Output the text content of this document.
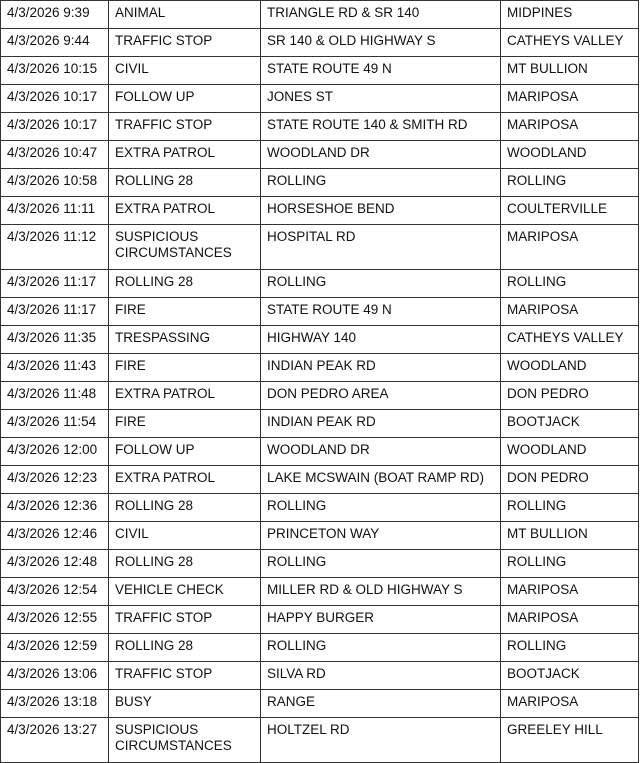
4/3/2026 9:39	ANIMAL	TRIANGLE RD & SR 140	MIDPINES
4/3/2026 9:44	TRAFFIC STOP	SR 140 & OLD HIGHWAY S	CATHEYS VALLEY
4/3/2026 10:15	CIVIL	STATE ROUTE 49 N	MT BULLION
4/3/2026 10:17	FOLLOW UP	JONES ST	MARIPOSA
4/3/2026 10:17	TRAFFIC STOP	STATE ROUTE 140 & SMITH RD	MARIPOSA
4/3/2026 10:47	EXTRA PATROL	WOODLAND DR	WOODLAND
4/3/2026 10:58	ROLLING 28	ROLLING	ROLLING
4/3/2026 11:11	EXTRA PATROL	HORSESHOE BEND	COULTERVILLE
4/3/2026 11:12	SUSPICIOUS CIRCUMSTANCES	HOSPITAL RD	MARIPOSA
4/3/2026 11:17	ROLLING 28	ROLLING	ROLLING
4/3/2026 11:17	FIRE	STATE ROUTE 49 N	MARIPOSA
4/3/2026 11:35	TRESPASSING	HIGHWAY 140	CATHEYS VALLEY
4/3/2026 11:43	FIRE	INDIAN PEAK RD	WOODLAND
4/3/2026 11:48	EXTRA PATROL	DON PEDRO AREA	DON PEDRO
4/3/2026 11:54	FIRE	INDIAN PEAK RD	BOOTJACK
4/3/2026 12:00	FOLLOW UP	WOODLAND DR	WOODLAND
4/3/2026 12:23	EXTRA PATROL	LAKE MCSWAIN (BOAT RAMP RD)	DON PEDRO
4/3/2026 12:36	ROLLING 28	ROLLING	ROLLING
4/3/2026 12:46	CIVIL	PRINCETON WAY	MT BULLION
4/3/2026 12:48	ROLLING 28	ROLLING	ROLLING
4/3/2026 12:54	VEHICLE CHECK	MILLER RD & OLD HIGHWAY S	MARIPOSA
4/3/2026 12:55	TRAFFIC STOP	HAPPY BURGER	MARIPOSA
4/3/2026 12:59	ROLLING 28	ROLLING	ROLLING
4/3/2026 13:06	TRAFFIC STOP	SILVA RD	BOOTJACK
4/3/2026 13:18	BUSY	RANGE	MARIPOSA
4/3/2026 13:27	SUSPICIOUS CIRCUMSTANCES	HOLTZEL RD	GREELEY HILL
